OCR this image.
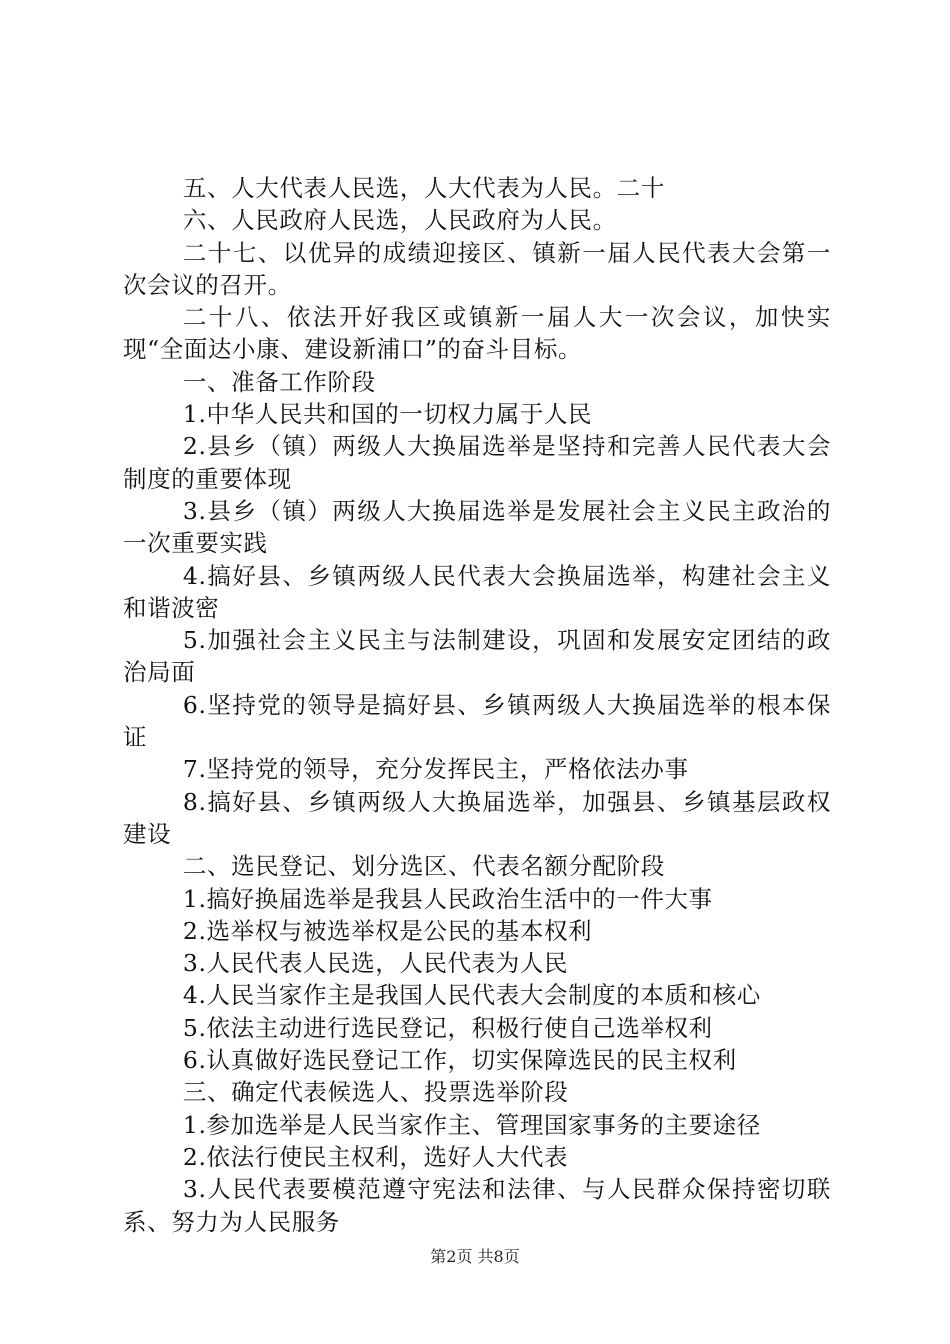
五、人大代表人民选，人大代表为人民。二十

六、人民政府人民选，人民政府为人民。

二十七、以优异的成绩迎接区、镇新一届人民代表大会第一次会议的召开。

二十八、依法开好我区或镇新一届人大一次会议，加快实现“全面达小康、建设新浦口”的奋斗目标。

一、准备工作阶段

1.中华人民共和国的一切权力属于人民

2.县乡（镇）两级人大换届选举是坚持和完善人民代表大会制度的重要体现

3.县乡（镇）两级人大换届选举是发展社会主义民主政治的一次重要实践

4.搞好县、乡镇两级人民代表大会换届选举，构建社会主义和谐波密

5.加强社会主义民主与法制建设，巩固和发展安定团结的政治局面

6.坚持党的领导是搞好县、乡镇两级人大换届选举的根本保证

7.坚持党的领导，充分发挥民主，严格依法办事

8.搞好县、乡镇两级人大换届选举，加强县、乡镇基层政权建设

二、选民登记、划分选区、代表名额分配阶段

1.搞好换届选举是我县人民政治生活中的一件大事

2.选举权与被选举权是公民的基本权利

3.人民代表人民选，人民代表为人民

4.人民当家作主是我国人民代表大会制度的本质和核心

5.依法主动进行选民登记，积极行使自己选举权利

6.认真做好选民登记工作，切实保障选民的民主权利

三、确定代表候选人、投票选举阶段

1.参加选举是人民当家作主、管理国家事务的主要途径

2.依法行使民主权利，选好人大代表

3.人民代表要模范遵守宪法和法律、与人民群众保持密切联系、努力为人民服务

第2页 共8页
